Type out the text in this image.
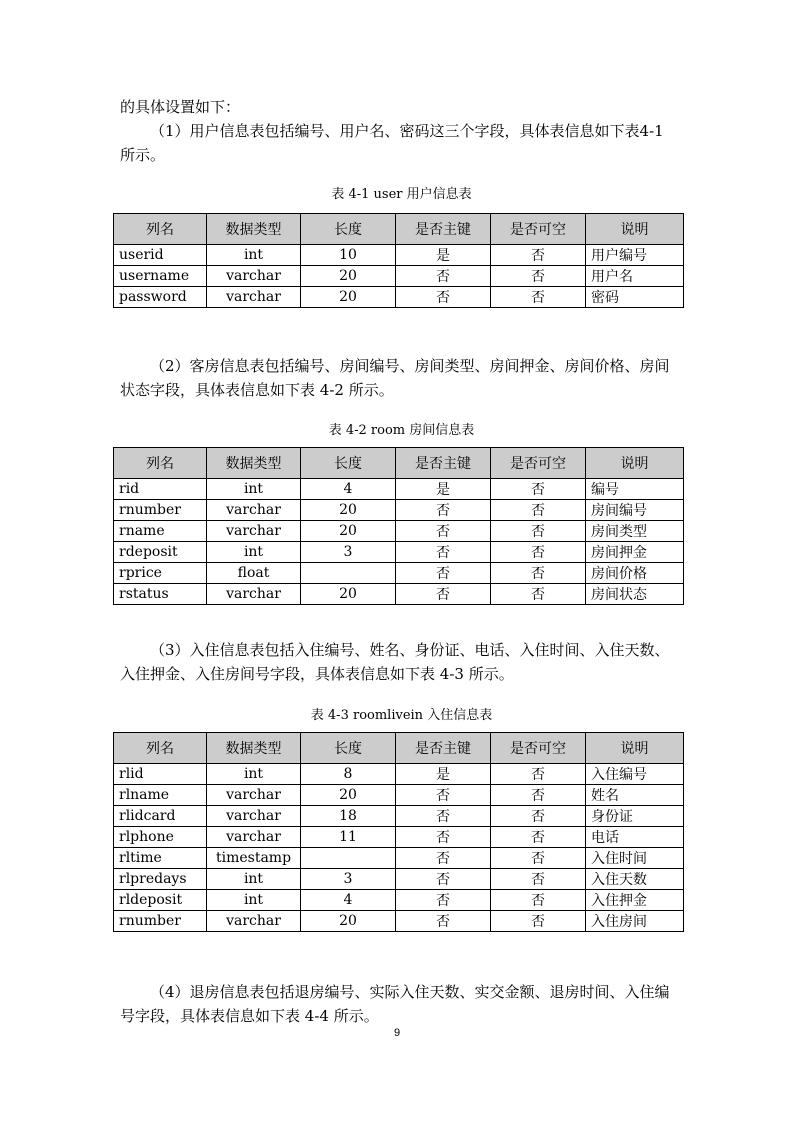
的具体设置如下：

（1）用户信息表包括编号、用户名、密码这三个字段，具体表信息如下表4-1 所示。

表 4-1 user 用户信息表
列名	数据类型	长度	是否主键	是否可空	说明
userid	int	10	是	否	用户编号
username	varchar	20	否	否	用户名
password	varchar	20	否	否	密码

（2）客房信息表包括编号、房间编号、房间类型、房间押金、房间价格、房间状态字段，具体表信息如下表 4-2 所示。

表 4-2 room 房间信息表
列名	数据类型	长度	是否主键	是否可空	说明
rid	int	4	是	否	编号
rnumber	varchar	20	否	否	房间编号
rname	varchar	20	否	否	房间类型
rdeposit	int	3	否	否	房间押金
rprice	float		否	否	房间价格
rstatus	varchar	20	否	否	房间状态

（3）入住信息表包括入住编号、姓名、身份证、电话、入住时间、入住天数、入住押金、入住房间号字段，具体表信息如下表 4-3 所示。

表 4-3 roomlivein 入住信息表
列名	数据类型	长度	是否主键	是否可空	说明
rlid	int	8	是	否	入住编号
rlname	varchar	20	否	否	姓名
rlidcard	varchar	18	否	否	身份证
rlphone	varchar	11	否	否	电话
rltime	timestamp		否	否	入住时间
rlpredays	int	3	否	否	入住天数
rldeposit	int	4	否	否	入住押金
rnumber	varchar	20	否	否	入住房间

（4）退房信息表包括退房编号、实际入住天数、实交金额、退房时间、入住编号字段，具体表信息如下表 4-4 所示。

9
